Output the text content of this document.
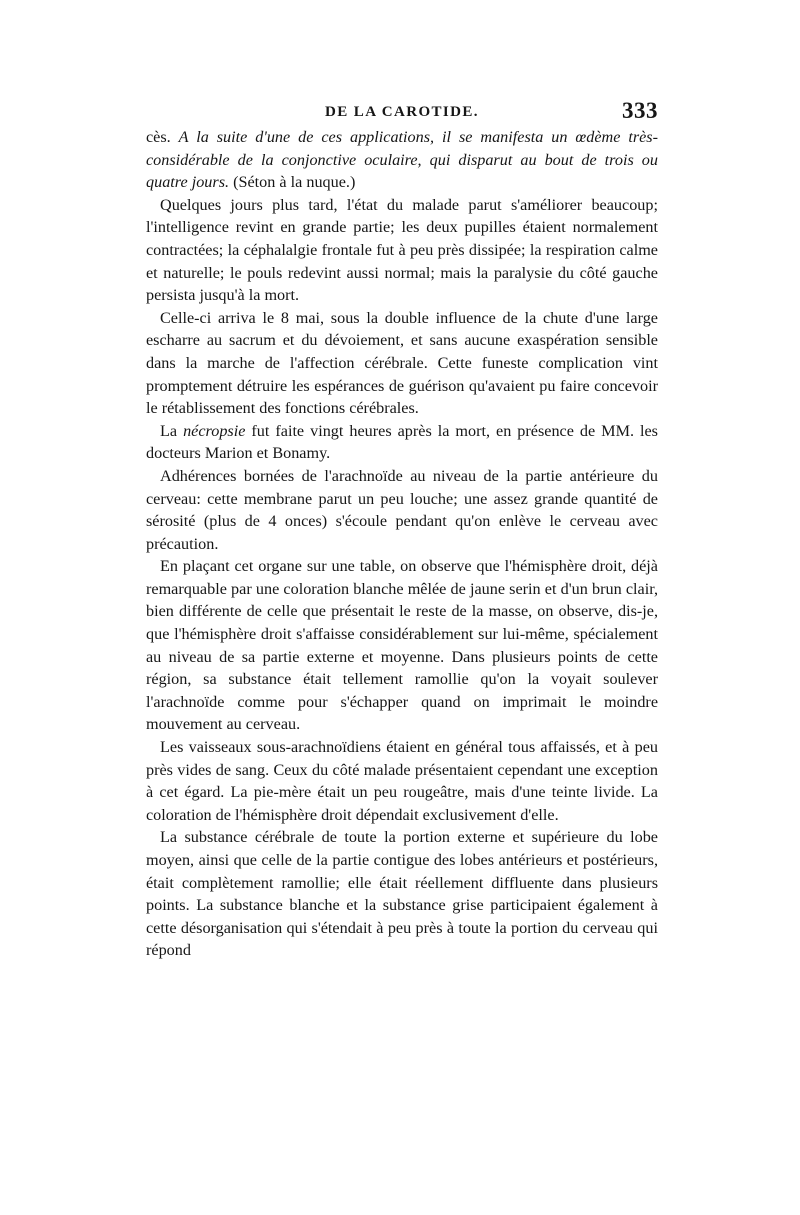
DE LA CAROTIDE.	333

cès. A la suite d'une de ces applications, il se manifesta un œdème très-considérable de la conjonctive oculaire, qui disparut au bout de trois ou quatre jours. (Séton à la nuque.)

Quelques jours plus tard, l'état du malade parut s'améliorer beaucoup; l'intelligence revint en grande partie; les deux pupilles étaient normalement contractées; la céphalalgie frontale fut à peu près dissipée; la respiration calme et naturelle; le pouls redevint aussi normal; mais la paralysie du côté gauche persista jusqu'à la mort.

Celle-ci arriva le 8 mai, sous la double influence de la chute d'une large escharre au sacrum et du dévoiement, et sans aucune exaspération sensible dans la marche de l'affection cérébrale. Cette funeste complication vint promptement détruire les espérances de guérison qu'avaient pu faire concevoir le rétablissement des fonctions cérébrales.

La nécropsie fut faite vingt heures après la mort, en présence de MM. les docteurs Marion et Bonamy.

Adhérences bornées de l'arachnoïde au niveau de la partie antérieure du cerveau: cette membrane parut un peu louche; une assez grande quantité de sérosité (plus de 4 onces) s'écoule pendant qu'on enlève le cerveau avec précaution.

En plaçant cet organe sur une table, on observe que l'hémisphère droit, déjà remarquable par une coloration blanche mêlée de jaune serin et d'un brun clair, bien différente de celle que présentait le reste de la masse, on observe, dis-je, que l'hémisphère droit s'affaisse considérablement sur lui-même, spécialement au niveau de sa partie externe et moyenne. Dans plusieurs points de cette région, sa substance était tellement ramollie qu'on la voyait soulever l'arachnoïde comme pour s'échapper quand on imprimait le moindre mouvement au cerveau.

Les vaisseaux sous-arachnoïdiens étaient en général tous affaissés, et à peu près vides de sang. Ceux du côté malade présentaient cependant une exception à cet égard. La pie-mère était un peu rougeâtre, mais d'une teinte livide. La coloration de l'hémisphère droit dépendait exclusivement d'elle.

La substance cérébrale de toute la portion externe et supérieure du lobe moyen, ainsi que celle de la partie contigue des lobes antérieurs et postérieurs, était complètement ramollie; elle était réellement diffluente dans plusieurs points. La substance blanche et la substance grise participaient également à cette désorganisation qui s'étendait à peu près à toute la portion du cerveau qui répond
